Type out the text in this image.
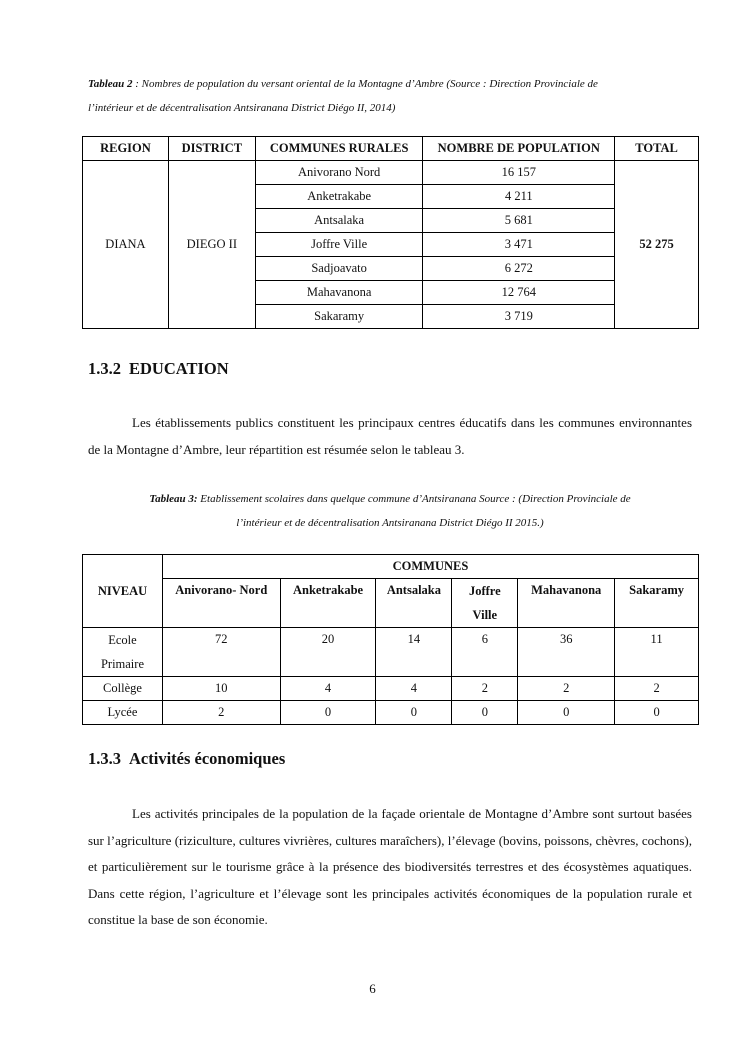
Tableau 2 : Nombres de population du versant oriental de la Montagne d’Ambre (Source : Direction Provinciale de
l’intérieur et de décentralisation Antsiranana District Diégo II, 2014)
REGION	DISTRICT	COMMUNES RURALES	NOMBRE DE POPULATION	TOTAL
DIANA	DIEGO II	Anivorano Nord	16 157	52 275
		Anketrakabe	4 211	
		Antsalaka	5 681	
		Joffre Ville	3 471	
		Sadjoavato	6 272	
		Mahavanona	12 764	
		Sakaramy	3 719	
1.3.2 EDUCATION

Les établissements publics constituent les principaux centres éducatifs dans les communes environnantes de la Montagne d’Ambre, leur répartition est résumée selon le tableau 3.

Tableau 3: Etablissement scolaires dans quelque commune d’Antsiranana Source : (Direction Provinciale de
l’intérieur et de décentralisation Antsiranana District Diégo II 2015.)
NIVEAU	COMMUNES					
	Anivorano- Nord	Anketrakabe	Antsalaka	Joffre Ville	Mahavanona	Sakaramy
Ecole Primaire	72	20	14	6	36	11
Collège	10	4	4	2	2	2
Lycée	2	0	0	0	0	0
1.3.3 Activités économiques

Les activités principales de la population de la façade orientale de Montagne d’Ambre sont surtout basées sur l’agriculture (riziculture, cultures vivrières, cultures maraîchers), l’élevage (bovins, poissons, chèvres, cochons), et particulièrement sur le tourisme grâce à la présence des biodiversités terrestres et des écosystèmes aquatiques. Dans cette région, l’agriculture et l’élevage sont les principales activités économiques de la population rurale et constitue la base de son économie.

6
